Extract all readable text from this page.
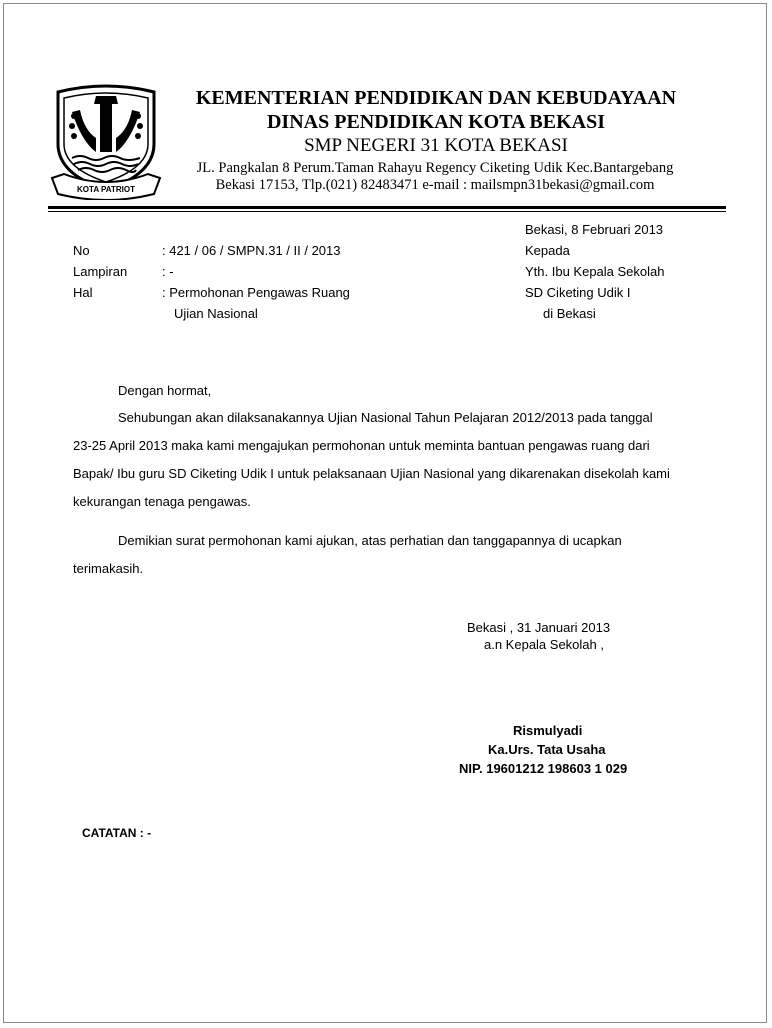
KOTA PATRIOT
KEMENTERIAN PENDIDIKAN DAN KEBUDAYAAN
DINAS PENDIDIKAN KOTA BEKASI
SMP NEGERI 31 KOTA BEKASI
JL. Pangkalan 8 Perum.Taman Rahayu Regency Ciketing Udik Kec.Bantargebang
Bekasi 17153, Tlp.(021) 82483471 e-mail : mailsmpn31bekasi@gmail.com
Bekasi, 8 Februari 2013
Kepada
Yth. Ibu Kepala Sekolah
SD Ciketing Udik I
di Bekasi
No	: 421 / 06 / SMPN.31 / II / 2013
Lampiran	: -
Hal	: Permohonan Pengawas Ruang
Ujian Nasional
Dengan hormat,
Sehubungan akan dilaksanakannya Ujian Nasional Tahun Pelajaran 2012/2013 pada tanggal
23-25 April 2013 maka kami mengajukan permohonan untuk meminta bantuan pengawas ruang dari
Bapak/ Ibu guru SD Ciketing Udik I untuk pelaksanaan Ujian Nasional yang dikarenakan disekolah kami
kekurangan tenaga pengawas.
Demikian surat permohonan kami ajukan, atas perhatian dan tanggapannya di ucapkan
terimakasih.
Bekasi , 31 Januari 2013
a.n Kepala Sekolah ,
Rismulyadi
Ka.Urs. Tata Usaha
NIP. 19601212 198603 1 029
CATATAN : -
